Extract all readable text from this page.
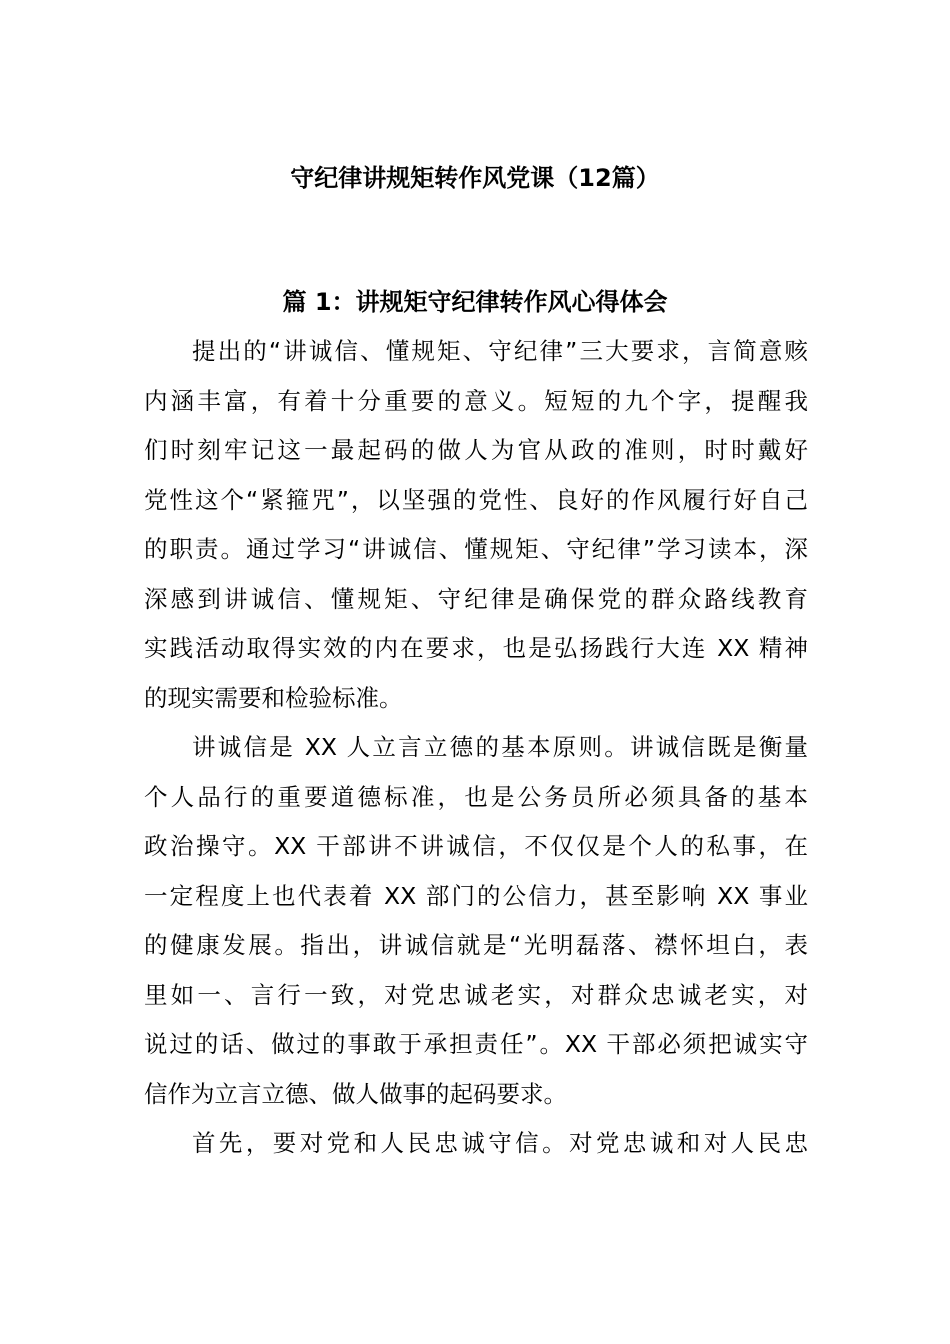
守纪律讲规矩转作风党课（12篇）
篇 1：讲规矩守纪律转作风心得体会
提出的“讲诚信、懂规矩、守纪律”三大要求，言简意赅
内涵丰富，有着十分重要的意义。短短的九个字，提醒我
们时刻牢记这一最起码的做人为官从政的准则，时时戴好
党性这个“紧箍咒”，以坚强的党性、良好的作风履行好自己
的职责。通过学习“讲诚信、懂规矩、守纪律”学习读本，深
深感到讲诚信、懂规矩、守纪律是确保党的群众路线教育
实践活动取得实效的内在要求，也是弘扬践行大连 XX 精神
的现实需要和检验标准。
讲诚信是 XX 人立言立德的基本原则。讲诚信既是衡量
个人品行的重要道德标准，也是公务员所必须具备的基本
政治操守。XX 干部讲不讲诚信，不仅仅是个人的私事，在
一定程度上也代表着 XX 部门的公信力，甚至影响 XX 事业
的健康发展。指出，讲诚信就是“光明磊落、襟怀坦白，表
里如一、言行一致，对党忠诚老实，对群众忠诚老实，对
说过的话、做过的事敢于承担责任”。XX 干部必须把诚实守
信作为立言立德、做人做事的起码要求。
首先，要对党和人民忠诚守信。对党忠诚和对人民忠
